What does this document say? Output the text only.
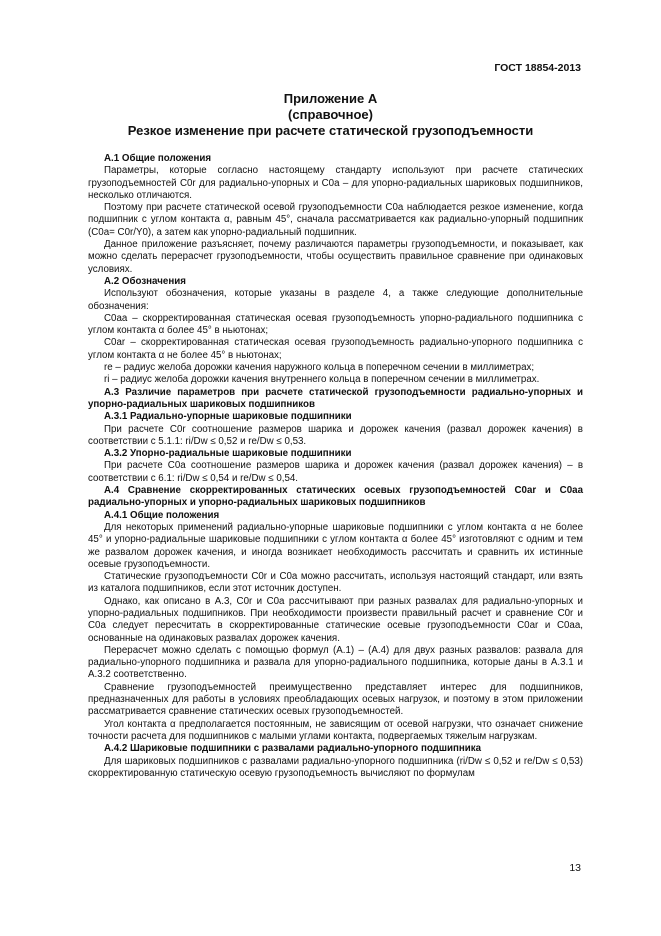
ГОСТ 18854-2013
Приложение А
(справочное)
Резкое изменение при расчете статической грузоподъемности

А.1 Общие положения

Параметры, которые согласно настоящему стандарту используют при расчете статических грузоподъемностей C0r для радиально-упорных и C0a – для упорно-радиальных шариковых подшипников, несколько отличаются.

Поэтому при расчете статической осевой грузоподъемности C0a наблюдается резкое изменение, когда подшипник с углом контакта α, равным 45°, сначала рассматривается как радиально-упорный подшипник (C0a= C0r/Y0), а затем как упорно-радиальный подшипник.

Данное приложение разъясняет, почему различаются параметры грузоподъемности, и показывает, как можно сделать перерасчет грузоподъемности, чтобы осуществить правильное сравнение при одинаковых условиях.

А.2 Обозначения

Используют обозначения, которые указаны в разделе 4, а также следующие дополнительные обозначения:

C0aa – скорректированная статическая осевая грузоподъемность упорно-радиального подшипника с углом контакта α более 45° в ньютонах;

C0ar – скорректированная статическая осевая грузоподъемность радиально-упорного подшипника с углом контакта α не более 45° в ньютонах;

re – радиус желоба дорожки качения наружного кольца в поперечном сечении в миллиметрах;

ri – радиус желоба дорожки качения внутреннего кольца в поперечном сечении в миллиметрах.

А.3 Различие параметров при расчете статической грузоподъемности радиально-упорных и упорно-радиальных шариковых подшипников

А.3.1 Радиально-упорные шариковые подшипники

При расчете C0r соотношение размеров шарика и дорожек качения (развал дорожек качения) в соответствии с 5.1.1: ri/Dw ≤ 0,52 и re/Dw ≤ 0,53.

А.3.2 Упорно-радиальные шариковые подшипники

При расчете C0a соотношение размеров шарика и дорожек качения (развал дорожек качения) – в соответствии с 6.1: ri/Dw ≤ 0,54 и re/Dw ≤ 0,54.

А.4 Сравнение скорректированных статических осевых грузоподъемностей C0ar и C0aa радиально-упорных и упорно-радиальных шариковых подшипников

А.4.1 Общие положения

Для некоторых применений радиально-упорные шариковые подшипники с углом контакта α не более 45° и упорно-радиальные шариковые подшипники с углом контакта α более 45° изготовляют с одним и тем же развалом дорожек качения, и иногда возникает необходимость рассчитать и сравнить их истинные осевые грузоподъемности.

Статические грузоподъемности C0r и C0a можно рассчитать, используя настоящий стандарт, или взять из каталога подшипников, если этот источник доступен.

Однако, как описано в А.3, C0r и C0a рассчитывают при разных развалах для радиально-упорных и упорно-радиальных подшипников. При необходимости произвести правильный расчет и сравнение C0r и C0a следует пересчитать в скорректированные статические осевые грузоподъемности C0ar и C0aa, основанные на одинаковых развалах дорожек качения.

Перерасчет можно сделать с помощью формул (А.1) – (А.4) для двух разных развалов: развала для радиально-упорного подшипника и развала для упорно-радиального подшипника, которые даны в А.3.1 и А.3.2 соответственно.

Сравнение грузоподъемностей преимущественно представляет интерес для подшипников, предназначенных для работы в условиях преобладающих осевых нагрузок, и поэтому в этом приложении рассматривается сравнение статических осевых грузоподъемностей.

Угол контакта α предполагается постоянным, не зависящим от осевой нагрузки, что означает снижение точности расчета для подшипников с малыми углами контакта, подвергаемых тяжелым нагрузкам.

А.4.2 Шариковые подшипники с развалами радиально-упорного подшипника

Для шариковых подшипников с развалами радиально-упорного подшипника (ri/Dw ≤ 0,52 и re/Dw ≤ 0,53) скорректированную статическую осевую грузоподъемность вычисляют по формулам

13
